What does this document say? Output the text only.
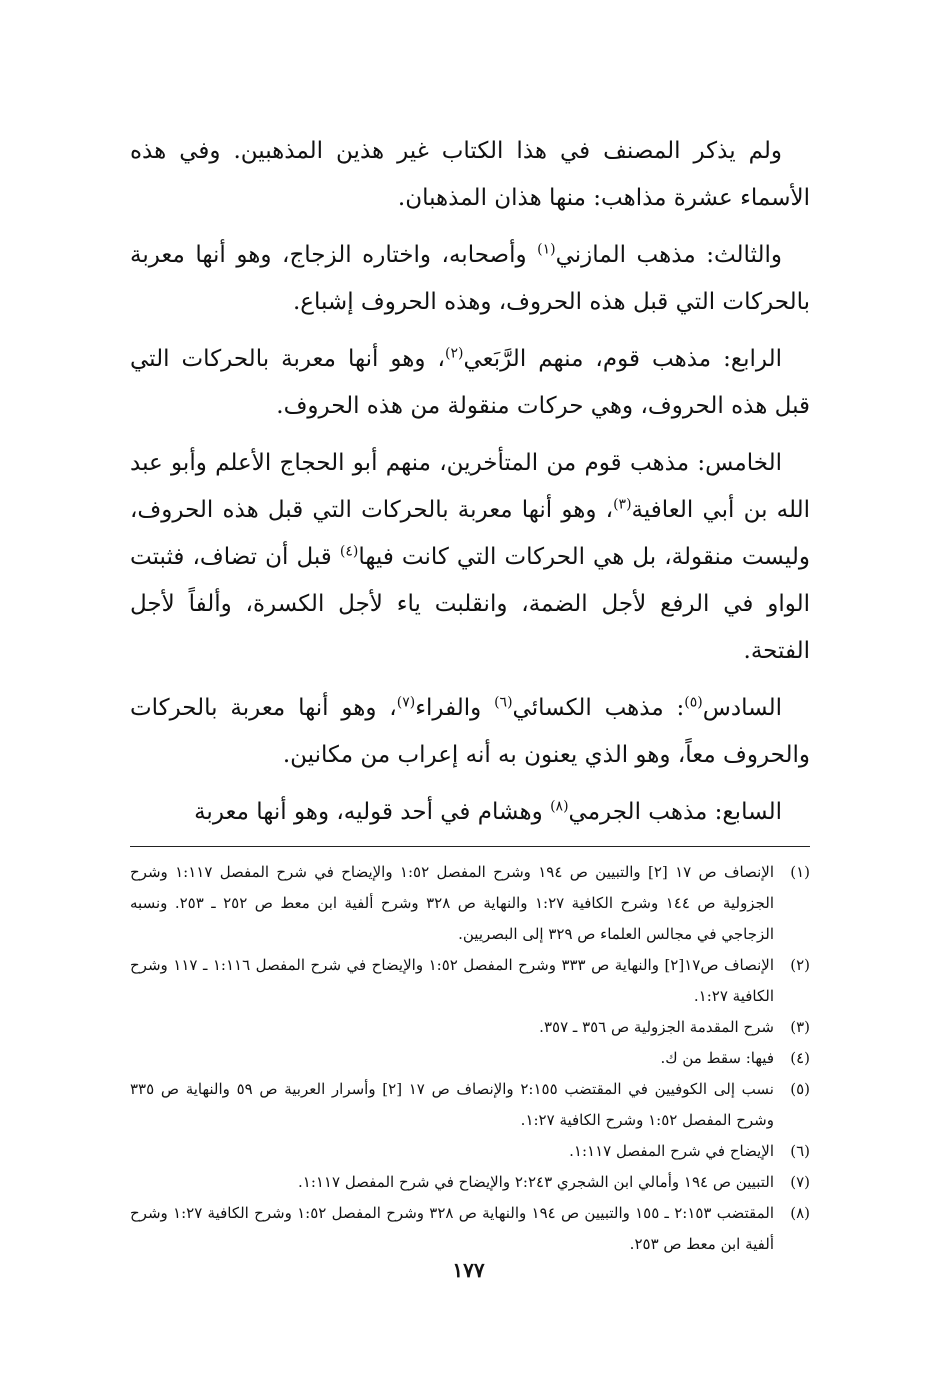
ولم يذكر المصنف في هذا الكتاب غير هذين المذهبين. وفي هذه الأسماء عشرة مذاهب: منها هذان المذهبان.

والثالث: مذهب المازني$^{(١)}$ وأصحابه، واختاره الزجاج، وهو أنها معربة بالحركات التي قبل هذه الحروف، وهذه الحروف إشباع.

الرابع: مذهب قوم، منهم الرَّبَعي$^{(٢)}$، وهو أنها معربة بالحركات التي قبل هذه الحروف، وهي حركات منقولة من هذه الحروف.

الخامس: مذهب قوم من المتأخرين، منهم أبو الحجاج الأعلم وأبو عبد الله بن أبي العافية$^{(٣)}$، وهو أنها معربة بالحركات التي قبل هذه الحروف، وليست منقولة، بل هي الحركات التي كانت فيها$^{(٤)}$ قبل أن تضاف، فثبتت الواو في الرفع لأجل الضمة، وانقلبت ياء لأجل الكسرة، وألفاً لأجل الفتحة.

السادس$^{(٥)}$: مذهب الكسائي$^{(٦)}$ والفراء$^{(٧)}$، وهو أنها معربة بالحركات والحروف معاً، وهو الذي يعنون به أنه إعراب من مكانين.

السابع: مذهب الجرمي$^{(٨)}$ وهشام في أحد قوليه، وهو أنها معربة

(١)
الإنصاف ص ١٧ [٢] والتبيين ص ١٩٤ وشرح المفصل ١:٥٢ والإيضاح في شرح المفصل ١:١١٧ وشرح الجزولية ص ١٤٤ وشرح الكافية ١:٢٧ والنهاية ص ٣٢٨ وشرح ألفية ابن معط ص ٢٥٢ ـ ٢٥٣. ونسبه الزجاجي في مجالس العلماء ص ٣٢٩ إلى البصريين.
(٢)
الإنصاف ص١٧[٢] والنهاية ص ٣٣٣ وشرح المفصل ١:٥٢ والإيضاح في شرح المفصل ١:١١٦ ـ ١١٧ وشرح الكافية ١:٢٧.
(٣)
شرح المقدمة الجزولية ص ٣٥٦ ـ ٣٥٧.
(٤)
فيها: سقط من ك.
(٥)
نسب إلى الكوفيين في المقتضب ٢:١٥٥ والإنصاف ص ١٧ [٢] وأسرار العربية ص ٥٩ والنهاية ص ٣٣٥ وشرح المفصل ١:٥٢ وشرح الكافية ١:٢٧.
(٦)
الإيضاح في شرح المفصل ١:١١٧.
(٧)
التبيين ص ١٩٤ وأمالي ابن الشجري ٢:٢٤٣ والإيضاح في شرح المفصل ١:١١٧.
(٨)
المقتضب ٢:١٥٣ ـ ١٥٥ والتبيين ص ١٩٤ والنهاية ص ٣٢٨ وشرح المفصل ١:٥٢ وشرح الكافية ١:٢٧ وشرح ألفية ابن معط ص ٢٥٣.
١٧٧
